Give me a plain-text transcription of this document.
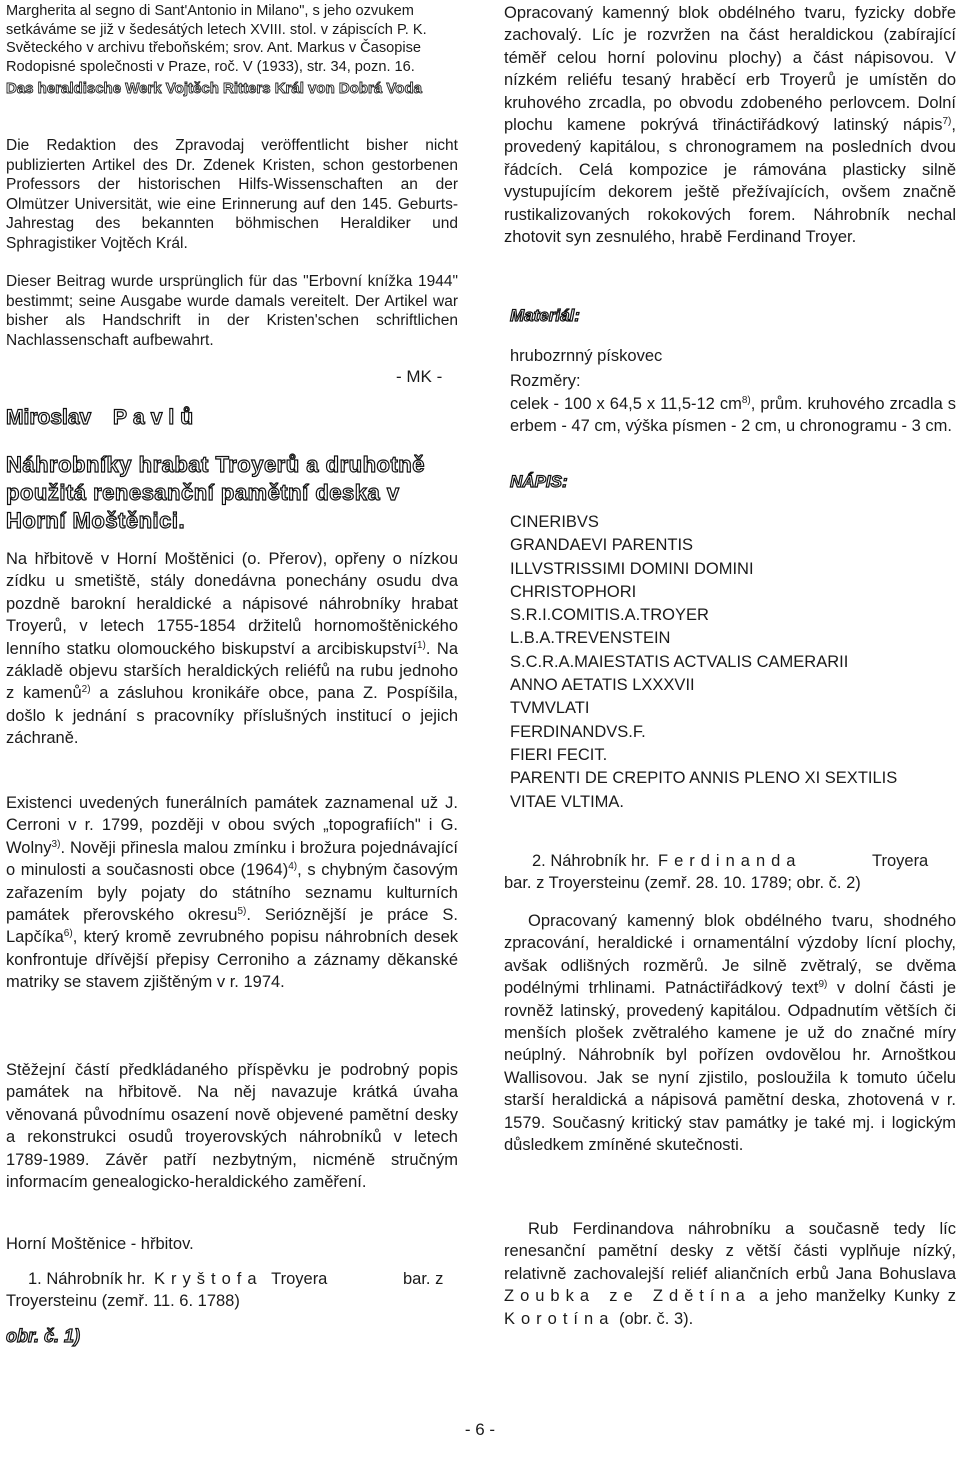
Margherita al segno di Sant'Antonio in Milano", s jeho ozvukem setkáváme se již v šedesátých letech XVIII. stol. v zápiscích P. K. Světeckého v archivu třeboňském; srov. Ant. Markus v Časopise Rodopisné společnosti v Praze, roč. V (1933), str. 34, pozn. 16.

Das heraldische Werk Vojtěch Ritters Král von Dobrá Voda

Die Redaktion des Zpravodaj veröffentlicht bisher nicht publizierten Artikel des Dr. Zdenek Kristen, schon gestorbenen Professors der historischen Hilfs-Wissenschaften an der Olmützer Universität, wie eine Erinnerung auf den 145. Geburts-Jahrestag des bekannten böhmischen Heraldiker und Sphragistiker Vojtěch Král.

Dieser Beitrag wurde ursprünglich für das "Erbovní knížka 1944" bestimmt; seine Ausgabe wurde damals vereitelt. Der Artikel war bisher als Handschrift in der Kristen'schen schriftlichen Nachlassenschaft aufbewahrt.

- MK -

Miroslav Pavlů

Náhrobníky hrabat Troyerů a druhotně použitá renesanční pamětní deska v Horní Moštěnici.

Na hřbitově v Horní Moštěnici (o. Přerov), opřeny o nízkou zídku u smetiště, stály donedávna ponechány osudu dva pozdně barokní heraldické a nápisové náhrobníky hrabat Troyerů, v letech 1755-1854 držitelů hornomoštěnického lenního statku olomouckého biskupství a arcibiskupství$^{1)}$. Na základě objevu starších heraldických reliéfů na rubu jednoho z kamenů$^{2)}$ a zásluhou kronikáře obce, pana Z. Pospíšila, došlo k jednání s pracovníky příslušných institucí o jejich záchraně.

Existenci uvedených funerálních památek zaznamenal už J. Cerroni v r. 1799, později v obou svých „topografiích" i G. Wolny$^{3)}$. Nověji přinesla malou zmínku i brožura pojednávající o minulosti a současnosti obce $(1964)^{4)}$, s chybným časovým zařazením byly pojaty do státního seznamu kulturních památek přerovského okresu$^{5)}$. Serióznější je práce S. Lapčíka$^{6)}$, který kromě zevrubného popisu náhrobních desek konfrontuje dřívější přepisy Cerroniho a záznamy děkanské matriky se stavem zjištěným v r. 1974.

Stěžejní částí předkládaného příspěvku je podrobný popis památek na hřbitově. Na něj navazuje krátká úvaha věnovaná původnímu osazení nově objevené pamětní desky a rekonstrukci osudů troyerovských náhrobníků v letech 1789-1989. Závěr patří nezbytným, nicméně stručným informacím genealogicko-heraldického zaměření.

Horní Moštěnice - hřbitov.

1. Náhrobník hr. Kryštofa Troyera	bar. z

Troyersteinu (zemř. 11. 6. 1788)

obr. č. 1)

Opracovaný kamenný blok obdélného tvaru, fyzicky dobře zachovalý. Líc je rozvržen na část heraldickou (zabírající téměř celou horní polovinu plochy) a část nápisovou. V nízkém reliéfu tesaný hraběcí erb Troyerů je umístěn do kruhového zrcadla, po obvodu zdobeného perlovcem. Dolní plochu kamene pokrývá třináctiřádkový latinský nápis$^{7)}$, provedený kapitálou, s chronogramem na posledních dvou řádcích. Celá kompozice je rámována plasticky silně vystupujícím dekorem ještě přežívajících, ovšem značně rustikalizovaných rokokových forem. Náhrobník nechal zhotovit syn zesnulého, hrabě Ferdinand Troyer.

Materiál:

hrubozrnný pískovec

Rozměry:

celek - 100 x 64,5 x 11,5-12 $cm^{8)}$, prům. kruhového zrcadla s erbem - 47 cm, výška písmen - 2 cm, u chronogramu - 3 cm.

NÁPIS:

CINERIBVS
GRANDAEVI PARENTIS
ILLVSTRISSIMI DOMINI DOMINI
CHRISTOPHORI
S.R.I.COMITIS.A.TROYER
L.B.A.TREVENSTEIN
S.C.R.A.MAIESTATIS ACTVALIS CAMERARII
ANNO AETATIS LXXXVII
TVMVLATI
FERDINANDVS.F.
FIERI FECIT.
PARENTI DE CREPITO ANNIS PLENO XI SEXTILIS
VITAE VLTIMA.
2. Náhrobník hr. Ferdinanda	Troyera bar. z Troyersteinu (zemř. 28. 10. 1789; obr. č. 2)

Opracovaný kamenný blok obdélného tvaru, shodného zpracování, heraldické i ornamentální výzdoby lícní plochy, avšak odlišných rozměrů. Je silně zvětralý, se dvěma podélnými trhlinami. Patnáctiřádkový text$^{9)}$ v dolní části je rovněž latinský, provedený kapitálou. Odpadnutím větších či menších plošek zvětralého kamene je už do značné míry neúplný. Náhrobník byl pořízen ovdovělou hr. Arnoštkou Wallisovou. Jak se nyní zjistilo, posloužila k tomuto účelu starší heraldická a nápisová pamětní deska, zhotovená v r. 1579. Současný kritický stav památky je také mj. i logickým důsledkem zmíněné skutečnosti.

Rub Ferdinandova náhrobníku a současně tedy líc renesanční pamětní desky z větší části vyplňuje nízký, relativně zachovalejší reliéf aliančních erbů Jana Bohuslava Zoubka ze Zdětína a jeho manželky Kunky z Korotína (obr. č. 3).

- 6 -
